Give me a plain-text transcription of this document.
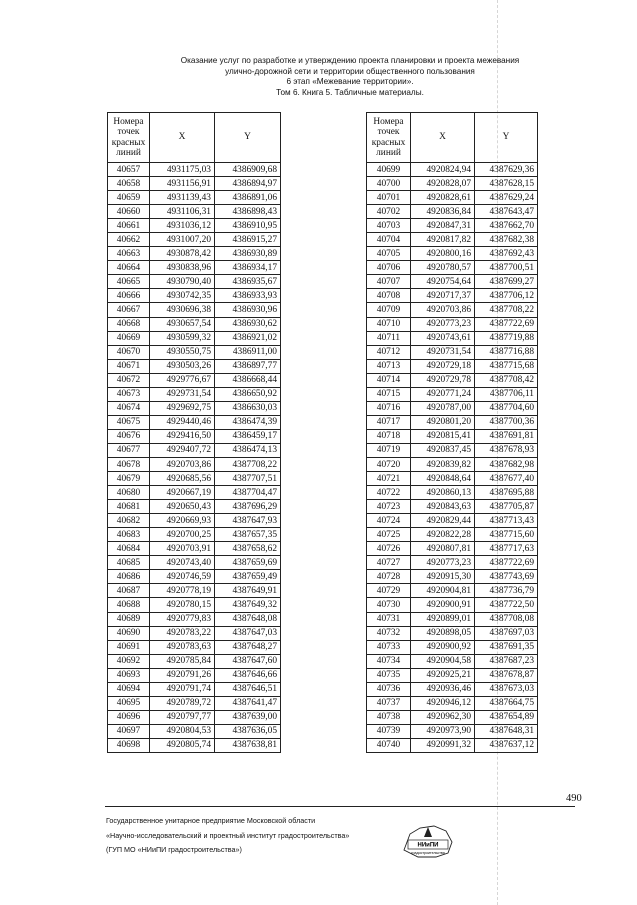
Оказание услуг по разработке и утверждению проекта планировки и проекта межевания
улично-дорожной сети и территории общественного пользования
6 этап «Межевание территории».
Том 6. Книга 5. Табличные материалы.
Номера точек красных линий	X	Y
40657	4931175,03	4386909,68
40658	4931156,91	4386894,97
40659	4931139,43	4386891,06
40660	4931106,31	4386898,43
40661	4931036,12	4386910,95
40662	4931007,20	4386915,27
40663	4930878,42	4386930,89
40664	4930838,96	4386934,17
40665	4930790,40	4386935,67
40666	4930742,35	4386933,93
40667	4930696,38	4386930,96
40668	4930657,54	4386930,62
40669	4930599,32	4386921,02
40670	4930550,75	4386911,00
40671	4930503,26	4386897,77
40672	4929776,67	4386668,44
40673	4929731,54	4386650,92
40674	4929692,75	4386630,03
40675	4929440,46	4386474,39
40676	4929416,50	4386459,17
40677	4929407,72	4386474,13
40678	4920703,86	4387708,22
40679	4920685,56	4387707,51
40680	4920667,19	4387704,47
40681	4920650,43	4387696,29
40682	4920669,93	4387647,93
40683	4920700,25	4387657,35
40684	4920703,91	4387658,62
40685	4920743,40	4387659,69
40686	4920746,59	4387659,49
40687	4920778,19	4387649,91
40688	4920780,15	4387649,32
40689	4920779,83	4387648,08
40690	4920783,22	4387647,03
40691	4920783,63	4387648,27
40692	4920785,84	4387647,60
40693	4920791,26	4387646,66
40694	4920791,74	4387646,51
40695	4920789,72	4387641,47
40696	4920797,77	4387639,00
40697	4920804,53	4387636,05
40698	4920805,74	4387638,81
Номера точек красных линий	X	Y
40699	4920824,94	4387629,36
40700	4920828,07	4387628,15
40701	4920828,61	4387629,24
40702	4920836,84	4387643,47
40703	4920847,31	4387662,70
40704	4920817,82	4387682,38
40705	4920800,16	4387692,43
40706	4920780,57	4387700,51
40707	4920754,64	4387699,27
40708	4920717,37	4387706,12
40709	4920703,86	4387708,22
40710	4920773,23	4387722,69
40711	4920743,61	4387719,88
40712	4920731,54	4387716,88
40713	4920729,18	4387715,68
40714	4920729,78	4387708,42
40715	4920771,24	4387706,11
40716	4920787,00	4387704,60
40717	4920801,20	4387700,36
40718	4920815,41	4387691,81
40719	4920837,45	4387678,93
40720	4920839,82	4387682,98
40721	4920848,64	4387677,40
40722	4920860,13	4387695,88
40723	4920843,63	4387705,87
40724	4920829,44	4387713,43
40725	4920822,28	4387715,60
40726	4920807,81	4387717,63
40727	4920773,23	4387722,69
40728	4920915,30	4387743,69
40729	4920904,81	4387736,79
40730	4920900,91	4387722,50
40731	4920899,01	4387708,08
40732	4920898,05	4387697,03
40733	4920900,92	4387691,35
40734	4920904,58	4387687,23
40735	4920925,21	4387678,87
40736	4920936,46	4387673,03
40737	4920946,12	4387664,75
40738	4920962,30	4387654,89
40739	4920973,90	4387648,31
40740	4920991,32	4387637,12
490
Государственное унитарное предприятие Московской области
«Научно-исследовательский и проектный институт градостроительства»
(ГУП МО «НИиПИ градостроительства»)	НИиПИ
градостроительства
